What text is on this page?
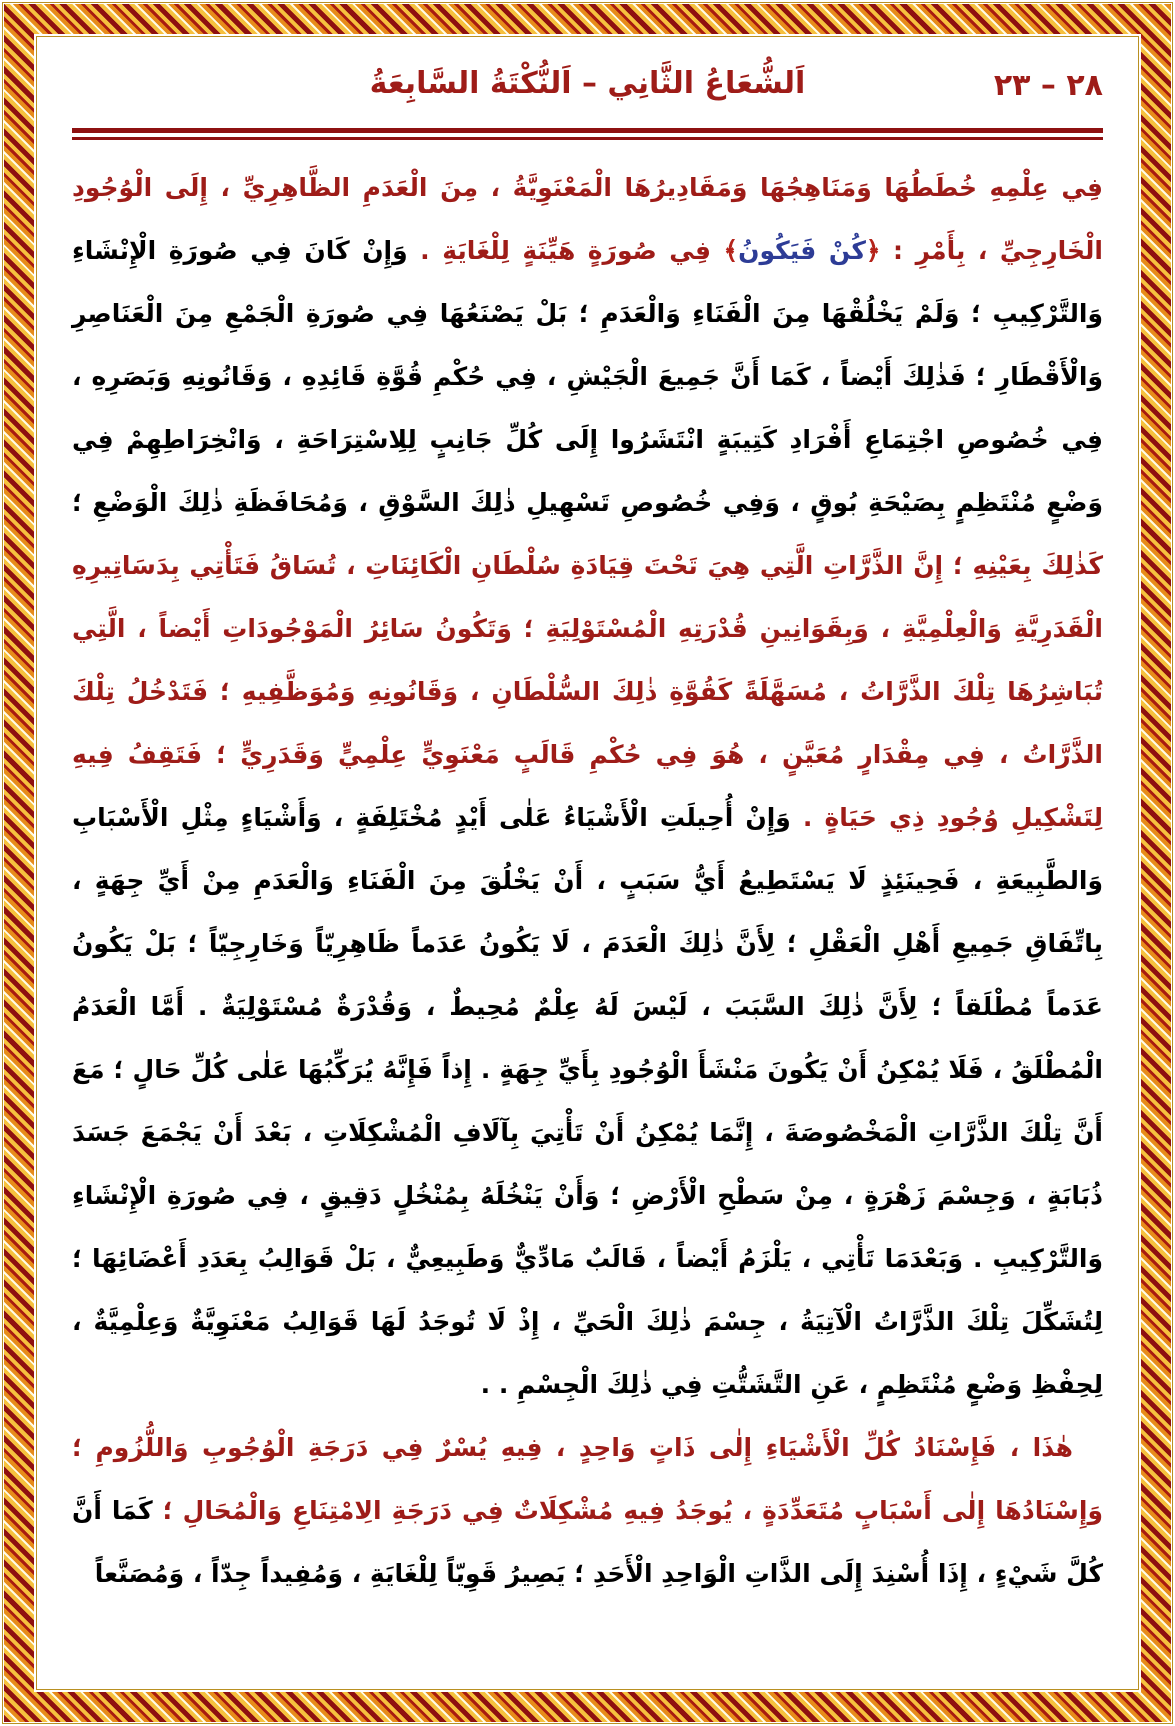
اَلشُّعَاعُ الثَّانِي – اَلنُّكْتَةُ السَّابِعَةُ	٢٨ – ٢٣

فِي عِلْمِهِ خُطَطُهَا وَمَنَاهِجُهَا وَمَقَادِيرُهَا الْمَعْنَوِيَّةُ ، مِنَ الْعَدَمِ الظَّاهِرِيِّ ، إِلَى الْوُجُودِ الْخَارِجِيِّ ، بِأَمْرِ : ﴿كُنْ فَيَكُونُ﴾ فِي صُورَةٍ هَيِّنَةٍ لِلْغَايَةِ . وَإِنْ كَانَ فِي صُورَةِ الْإِنْشَاءِ وَالتَّرْكِيبِ ؛ وَلَمْ يَخْلُقْهَا مِنَ الْفَنَاءِ وَالْعَدَمِ ؛ بَلْ يَصْنَعُهَا فِي صُورَةِ الْجَمْعِ مِنَ الْعَنَاصِرِ وَالْأَقْطَارِ ؛ فَذٰلِكَ أَيْضاً ، كَمَا أَنَّ جَمِيعَ الْجَيْشِ ، فِي حُكْمِ قُوَّةِ قَائِدِهِ ، وَقَانُونِهِ وَبَصَرِهِ ، فِي خُصُوصِ اجْتِمَاعِ أَفْرَادِ كَتِيبَةٍ انْتَشَرُوا إِلَى كُلِّ جَانِبٍ لِلِاسْتِرَاحَةِ ، وَانْخِرَاطِهِمْ فِي وَضْعٍ مُنْتَظِمٍ بِصَيْحَةِ بُوقٍ ، وَفِي خُصُوصِ تَسْهِيلِ ذٰلِكَ السَّوْقِ ، وَمُحَافَظَةِ ذٰلِكَ الْوَضْعِ ؛ كَذٰلِكَ بِعَيْنِهِ ؛ إِنَّ الذَّرَّاتِ الَّتِي هِيَ تَحْتَ قِيَادَةِ سُلْطَانِ الْكَائِنَاتِ ، تُسَاقُ فَتَأْتِي بِدَسَاتِيرِهِ الْقَدَرِيَّةِ وَالْعِلْمِيَّةِ ، وَبِقَوَانِينِ قُدْرَتِهِ الْمُسْتَوْلِيَةِ ؛ وَتَكُونُ سَائِرُ الْمَوْجُودَاتِ أَيْضاً ، الَّتِي تُبَاشِرُهَا تِلْكَ الذَّرَّاتُ ، مُسَهَّلَةً كَقُوَّةِ ذٰلِكَ السُّلْطَانِ ، وَقَانُونِهِ وَمُوَظَّفِيهِ ؛ فَتَدْخُلُ تِلْكَ الذَّرَّاتُ ، فِي مِقْدَارٍ مُعَيَّنٍ ، هُوَ فِي حُكْمِ قَالَبٍ مَعْنَوِيٍّ عِلْمِيٍّ وَقَدَرِيٍّ ؛ فَتَقِفُ فِيهِ لِتَشْكِيلِ وُجُودِ ذِي حَيَاةٍ . وَإِنْ أُحِيلَتِ الْأَشْيَاءُ عَلٰى أَيْدٍ مُخْتَلِفَةٍ ، وَأَشْيَاءٍ مِثْلِ الْأَسْبَابِ وَالطَّبِيعَةِ ، فَحِينَئِذٍ لَا يَسْتَطِيعُ أَيُّ سَبَبٍ ، أَنْ يَخْلُقَ مِنَ الْفَنَاءِ وَالْعَدَمِ مِنْ أَيِّ جِهَةٍ ، بِاتِّفَاقِ جَمِيعِ أَهْلِ الْعَقْلِ ؛ لِأَنَّ ذٰلِكَ الْعَدَمَ ، لَا يَكُونُ عَدَماً ظَاهِرِيّاً وَخَارِجِيّاً ؛ بَلْ يَكُونُ عَدَماً مُطْلَقاً ؛ لِأَنَّ ذٰلِكَ السَّبَبَ ، لَيْسَ لَهُ عِلْمٌ مُحِيطٌ ، وَقُدْرَةٌ مُسْتَوْلِيَةٌ . أَمَّا الْعَدَمُ الْمُطْلَقُ ، فَلَا يُمْكِنُ أَنْ يَكُونَ مَنْشَأَ الْوُجُودِ بِأَيِّ جِهَةٍ . إِذاً فَإِنَّهُ يُرَكِّبُهَا عَلٰى كُلِّ حَالٍ ؛ مَعَ أَنَّ تِلْكَ الذَّرَّاتِ الْمَخْصُوصَةَ ، إِنَّمَا يُمْكِنُ أَنْ تَأْتِيَ بِآلَافِ الْمُشْكِلَاتِ ، بَعْدَ أَنْ يَجْمَعَ جَسَدَ ذُبَابَةٍ ، وَجِسْمَ زَهْرَةٍ ، مِنْ سَطْحِ الْأَرْضِ ؛ وَأَنْ يَنْخُلَهُ بِمُنْخُلٍ دَقِيقٍ ، فِي صُورَةِ الْإِنْشَاءِ وَالتَّرْكِيبِ . وَبَعْدَمَا تَأْتِي ، يَلْزَمُ أَيْضاً ، قَالَبٌ مَادِّيٌّ وَطَبِيعِيٌّ ، بَلْ قَوَالِبُ بِعَدَدِ أَعْضَائِهَا ؛ لِتُشَكِّلَ تِلْكَ الذَّرَّاتُ الْآتِيَةُ ، جِسْمَ ذٰلِكَ الْحَيِّ ، إِذْ لَا تُوجَدُ لَهَا قَوَالِبُ مَعْنَوِيَّةٌ وَعِلْمِيَّةٌ ، لِحِفْظِ وَضْعٍ مُنْتَظِمٍ ، عَنِ التَّشَتُّتِ فِي ذٰلِكَ الْجِسْمِ . .

هٰذَا ، فَإِسْنَادُ كُلِّ الْأَشْيَاءِ إِلٰى ذَاتٍ وَاحِدٍ ، فِيهِ يُسْرٌ فِي دَرَجَةِ الْوُجُوبِ وَاللُّزُومِ ؛ وَإِسْنَادُهَا إِلٰى أَسْبَابٍ مُتَعَدِّدَةٍ ، يُوجَدُ فِيهِ مُشْكِلَاتٌ فِي دَرَجَةِ الِامْتِنَاعِ وَالْمُحَالِ ؛ كَمَا أَنَّ كُلَّ شَيْءٍ ، إِذَا أُسْنِدَ إِلَى الذَّاتِ الْوَاحِدِ الْأَحَدِ ؛ يَصِيرُ قَوِيّاً لِلْغَايَةِ ، وَمُفِيداً جِدّاً ، وَمُصَنَّعاً
